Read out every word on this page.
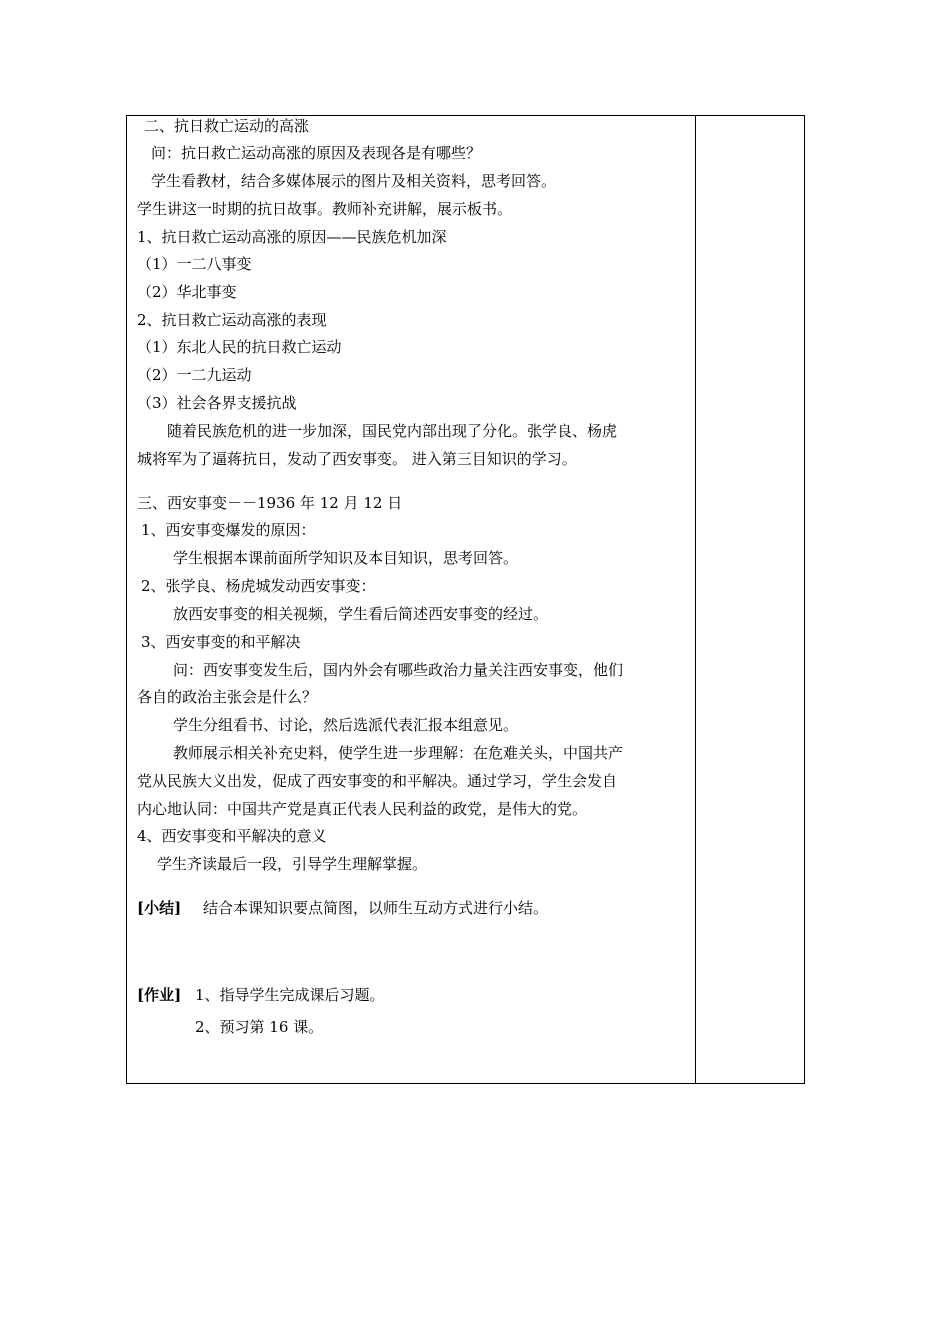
二、抗日救亡运动的高涨
问：抗日救亡运动高涨的原因及表现各是有哪些？
学生看教材，结合多媒体展示的图片及相关资料，思考回答。
学生讲这一时期的抗日故事。教师补充讲解，展示板书。
1、抗日救亡运动高涨的原因——民族危机加深
（1）一二八事变
（2）华北事变
2、抗日救亡运动高涨的表现
（1）东北人民的抗日救亡运动
（2）一二九运动
（3）社会各界支援抗战
随着民族危机的进一步加深，国民党内部出现了分化。张学良、杨虎
城将军为了逼蒋抗日，发动了西安事变。 进入第三目知识的学习。
三、西安事变－－1936 年 12 月 12 日
1、西安事变爆发的原因：
学生根据本课前面所学知识及本目知识，思考回答。
2、张学良、杨虎城发动西安事变：
放西安事变的相关视频，学生看后简述西安事变的经过。
3、西安事变的和平解决
问：西安事变发生后，国内外会有哪些政治力量关注西安事变，他们
各自的政治主张会是什么？
学生分组看书、讨论，然后选派代表汇报本组意见。
教师展示相关补充史料，使学生进一步理解：在危难关头，中国共产
党从民族大义出发，促成了西安事变的和平解决。通过学习，学生会发自
内心地认同：中国共产党是真正代表人民利益的政党，是伟大的党。
4、西安事变和平解决的意义
学生齐读最后一段，引导学生理解掌握。
[小结] 结合本课知识要点简图，以师生互动方式进行小结。
[作业] 1、指导学生完成课后习题。
2、预习第 16 课。
